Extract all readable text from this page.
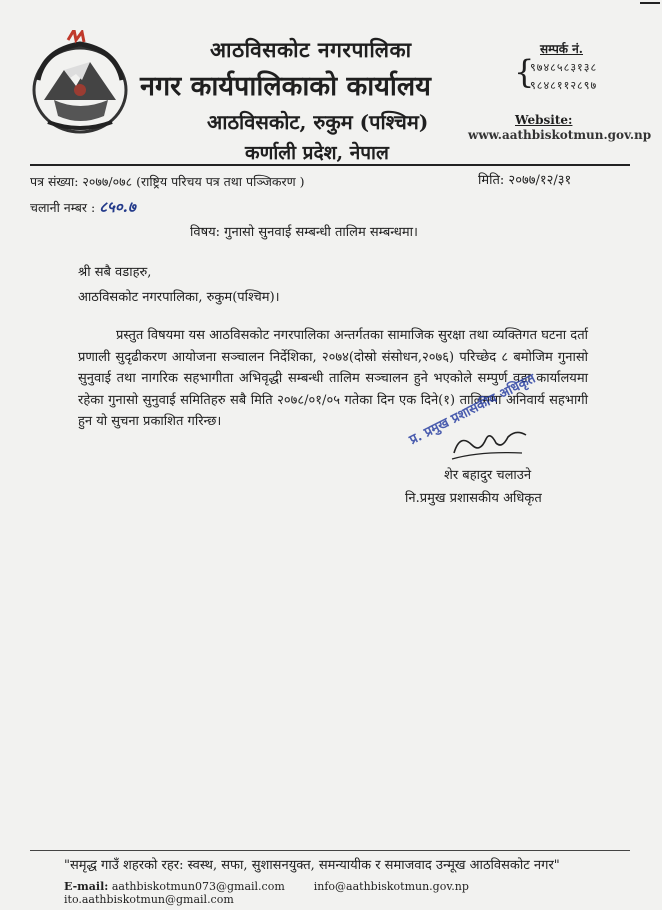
आठविसकोट नगरपालिका
नगर कार्यपालिकाको कार्यालय
आठविसकोट, रुकुम (पश्चिम)
कर्णाली प्रदेश, नेपाल
सम्पर्क नं.
{
९७४८५८३१३८
९८४८११२८९७
Website:
www.aathbiskotmun.gov.np
पत्र संख्या: २०७७/०७८ (राष्ट्रिय परिचय पत्र तथा पञ्जिकरण )	मिति: २०७७/१२/३१
चलानी नम्बर : ८५०.७
विषय: गुनासो सुनवाई सम्बन्धी तालिम सम्बन्धमा।
श्री सबै वडाहरु,
आठविसकोट नगरपालिका, रुकुम(पश्चिम)।
प्रस्तुत विषयमा यस आठविसकोट नगरपालिका अन्तर्गतका सामाजिक सुरक्षा तथा व्यक्तिगत घटना दर्ता प्रणाली सुदृढीकरण आयोजना सञ्चालन निर्देशिका, २०७४(दोस्रो संसोधन,२०७६) परिच्छेद ८ बमोजिम गुनासो सुनुवाई तथा नागरिक सहभागीता अभिवृद्धी सम्बन्धी तालिम सञ्चालन हुने भएकोले सम्पुर्ण वडा कार्यालयमा रहेका गुनासो सुनुवाई समितिहरु सबै मिति २०७८/०१/०५ गतेका दिन एक दिने(१) तालिममा अनिवार्य सहभागी हुन यो सुचना प्रकाशित गरिन्छ।	प्र. प्रमुख प्रशासकीय अधिकृत
शेर बहादुर चलाउने
नि.प्रमुख प्रशासकीय अधिकृत
"समृद्ध गाउँ शहरको रहर: स्वस्थ, सफा, सुशासनयुक्त, समन्यायीक र समाजवाद उन्मूख आठविसकोट नगर"
E-mail: aathbiskotmun073@gmail.com	info@aathbiskotmun.gov.np  ito.aathbiskotmun@gmail.com
